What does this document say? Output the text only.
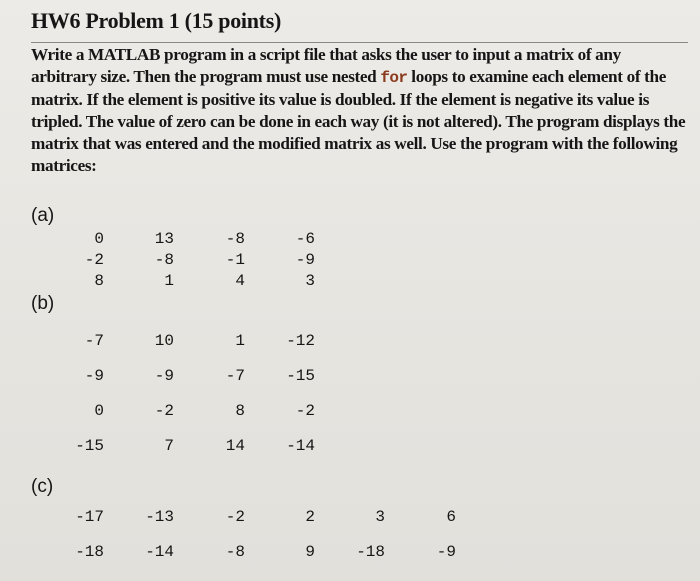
HW6 Problem 1 (15 points)
Write a MATLAB program in a script file that asks the user to input a matrix of any arbitrary size. Then the program must use nested for loops to examine each element of the matrix. If the element is positive its value is doubled. If the element is negative its value is tripled. The value of zero can be done in each way (it is not altered). The program displays the matrix that was entered and the modified matrix as well. Use the program with the following matrices:
(a)
0	13	-8	-6
-2	-8	-1	-9
8	1	4	3
(b)
-7	10	1	-12
-9	-9	-7	-15
0	-2	8	-2
-15	7	14	-14
(c)
-17	-13	-2	2	3	6
-18	-14	-8	9	-18	-9
